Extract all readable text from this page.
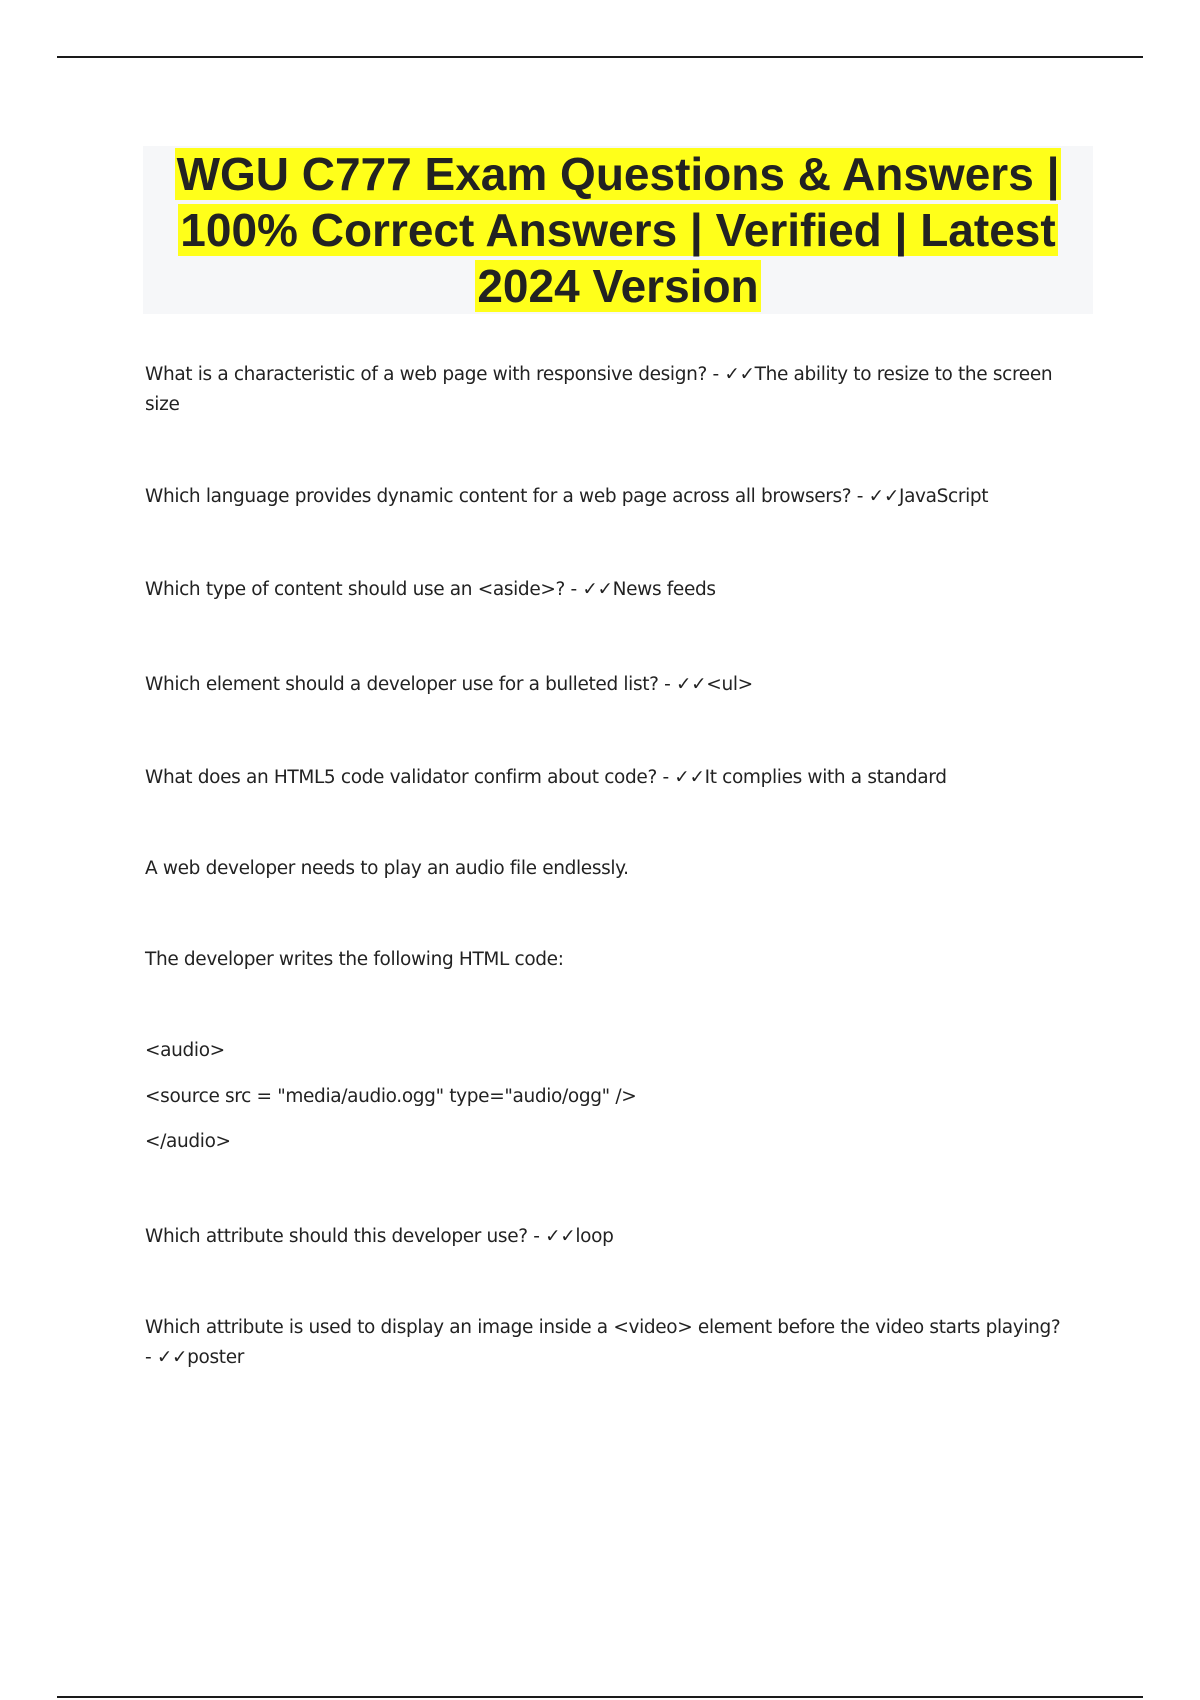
WGU C777 Exam Questions & Answers | 100% Correct Answers | Verified | Latest 2024 Version

What is a characteristic of a web page with responsive design? - ✓✓The ability to resize to the screen size

Which language provides dynamic content for a web page across all browsers? - ✓✓JavaScript

Which type of content should use an <aside>? - ✓✓News feeds

Which element should a developer use for a bulleted list? - ✓✓<ul>

What does an HTML5 code validator confirm about code? - ✓✓It complies with a standard

A web developer needs to play an audio file endlessly.

The developer writes the following HTML code:

<audio>

<source src = "media/audio.ogg" type="audio/ogg" />

</audio>

Which attribute should this developer use? - ✓✓loop

Which attribute is used to display an image inside a <video> element before the video starts playing? - ✓✓poster
